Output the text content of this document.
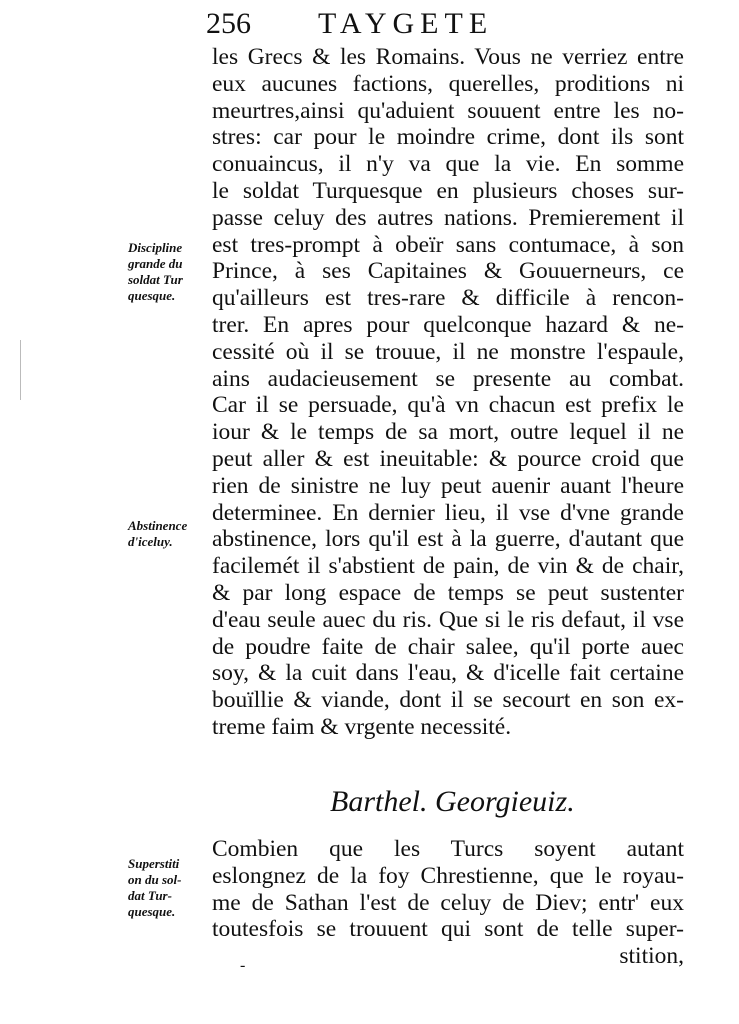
256 TAYGETE
les Grecs & les Romains. Vous ne verriez entre
eux aucunes factions, querelles, proditions ni
meurtres,ainsi qu'aduient souuent entre les no-
stres: car pour le moindre crime, dont ils sont
conuaincus, il n'y va que la vie. En somme
le soldat Turquesque en plusieurs choses sur-
passe celuy des autres nations. Premierement il
est tres-prompt à obeïr sans contumace, à son
Prince, à ses Capitaines & Gouuerneurs, ce
qu'ailleurs est tres-rare & difficile à rencon-
trer. En apres pour quelconque hazard & ne-
cessité où il se trouue, il ne monstre l'espaule,
ains audacieusement se presente au combat.
Car il se persuade, qu'à vn chacun est prefix le
iour & le temps de sa mort, outre lequel il ne
peut aller & est ineuitable: & pource croid que
rien de sinistre ne luy peut auenir auant l'heure
determinee. En dernier lieu, il vse d'vne grande
abstinence, lors qu'il est à la guerre, d'autant que
facilemét il s'abstient de pain, de vin & de chair,
& par long espace de temps se peut sustenter
d'eau seule auec du ris. Que si le ris defaut, il vse
de poudre faite de chair salee, qu'il porte auec
soy, & la cuit dans l'eau, & d'icelle fait certaine
bouïllie & viande, dont il se secourt en son ex-
treme faim & vrgente necessité.
Discipline
grande du
soldat Tur
quesque.
Abstinence
d'iceluy.
Barthel. Georgieuiz.
Combien que les Turcs soyent autant
eslongnez de la foy Chrestienne, que le royau-
me de Sathan l'est de celuy de Diev; entr' eux
toutesfois se trouuent qui sont de telle super-
stition,
Superstiti
on du sol-
dat Tur-
quesque.
-
